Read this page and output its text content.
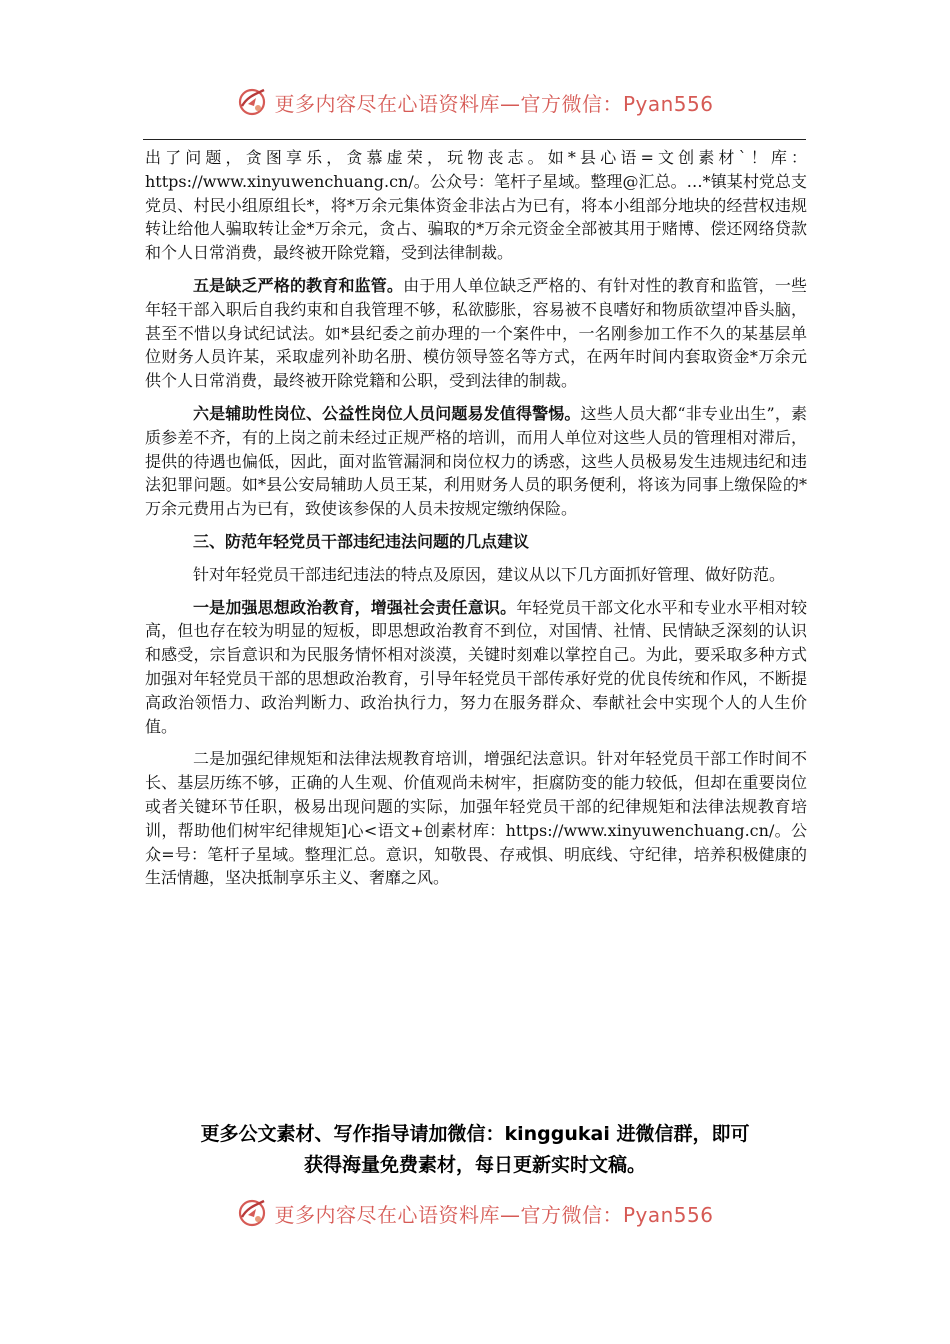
更多内容尽在心语资料库—官方微信：Pyan556

出了问题，贪图享乐，贪慕虚荣，玩物丧志。如*县心语=文创素材`！库：https://www.xinyuwenchuang.cn/。公众号：笔杆子星域。整理@汇总。…*镇某村党总支党员、村民小组原组长*，将*万余元集体资金非法占为已有，将本小组部分地块的经营权违规转让给他人骗取转让金*万余元，贪占、骗取的*万余元资金全部被其用于赌博、偿还网络贷款和个人日常消费，最终被开除党籍，受到法律制裁。

五是缺乏严格的教育和监管。由于用人单位缺乏严格的、有针对性的教育和监管，一些年轻干部入职后自我约束和自我管理不够，私欲膨胀，容易被不良嗜好和物质欲望冲昏头脑，甚至不惜以身试纪试法。如*县纪委之前办理的一个案件中，一名刚参加工作不久的某基层单位财务人员许某，采取虚列补助名册、模仿领导签名等方式，在两年时间内套取资金*万余元供个人日常消费，最终被开除党籍和公职，受到法律的制裁。

六是辅助性岗位、公益性岗位人员问题易发值得警惕。这些人员大都“非专业出生”，素质参差不齐，有的上岗之前未经过正规严格的培训，而用人单位对这些人员的管理相对滞后，提供的待遇也偏低，因此，面对监管漏洞和岗位权力的诱惑，这些人员极易发生违规违纪和违法犯罪问题。如*县公安局辅助人员王某，利用财务人员的职务便利，将该为同事上缴保险的*万余元费用占为已有，致使该参保的人员未按规定缴纳保险。

三、防范年轻党员干部违纪违法问题的几点建议

针对年轻党员干部违纪违法的特点及原因，建议从以下几方面抓好管理、做好防范。

一是加强思想政治教育，增强社会责任意识。年轻党员干部文化水平和专业水平相对较高，但也存在较为明显的短板，即思想政治教育不到位，对国情、社情、民情缺乏深刻的认识和感受，宗旨意识和为民服务情怀相对淡漠，关键时刻难以掌控自己。为此，要采取多种方式加强对年轻党员干部的思想政治教育，引导年轻党员干部传承好党的优良传统和作风，不断提高政治领悟力、政治判断力、政治执行力，努力在服务群众、奉献社会中实现个人的人生价值。

二是加强纪律规矩和法律法规教育培训，增强纪法意识。针对年轻党员干部工作时间不长、基层历练不够，正确的人生观、价值观尚未树牢，拒腐防变的能力较低，但却在重要岗位或者关键环节任职，极易出现问题的实际，加强年轻党员干部的纪律规矩和法律法规教育培训，帮助他们树牢纪律规矩]心<语文+创素材库：https://www.xinyuwenchuang.cn/。公众=号：笔杆子星域。整理汇总。意识，知敬畏、存戒惧、明底线、守纪律，培养积极健康的生活情趣，坚决抵制享乐主义、奢靡之风。

更多公文素材、写作指导请加微信：kinggukai 进微信群，即可
获得海量免费素材，每日更新实时文稿。
更多内容尽在心语资料库—官方微信：Pyan556
